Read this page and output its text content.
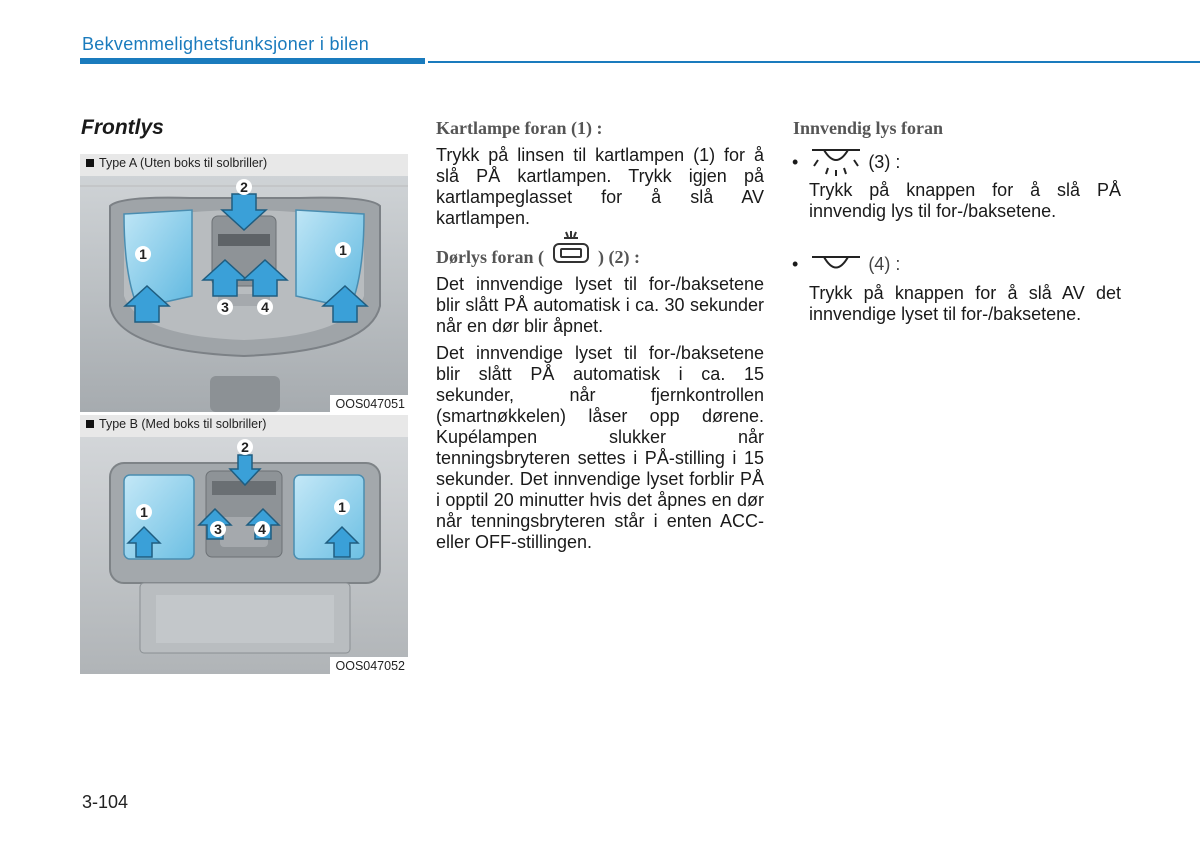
Bekvemmelighetsfunksjoner i bilen
Frontlys
Type A (Uten boks til solbriller)
2
1	1
3 4
OOS047051
Type B (Med boks til solbriller)
2
1	1
3	4
OOS047052
Kartlampe foran (1) :

Trykk på linsen til kartlampen (1) for å slå PÅ kartlampen. Trykk igjen på kartlampeglasset for å slå AV kartlampen.

Dørlys foran (	) (2) :

Det innvendige lyset til for-/baksetene blir slått PÅ automatisk i ca. 30 sekunder når en dør blir åpnet.

Det innvendige lyset til for-/baksetene blir slått PÅ automatisk i ca. 15 sekunder, når fjernkontrollen (smartnøkkelen) låser opp dørene. Kupélampen slukker når tenningsbryteren settes i PÅ-stilling i 15 sekunder. Det innvendige lyset forblir PÅ i opptil 20 minutter hvis det åpnes en dør når tenningsbryteren står i enten ACC- eller OFF-stillingen.

Innvendig lys foran
•	(3) :
Trykk på knappen for å slå PÅ innvendig lys til for-/baksetene.
•	(4) :
Trykk på knappen for å slå AV det innvendige lyset til for-/baksetene.
3-104
